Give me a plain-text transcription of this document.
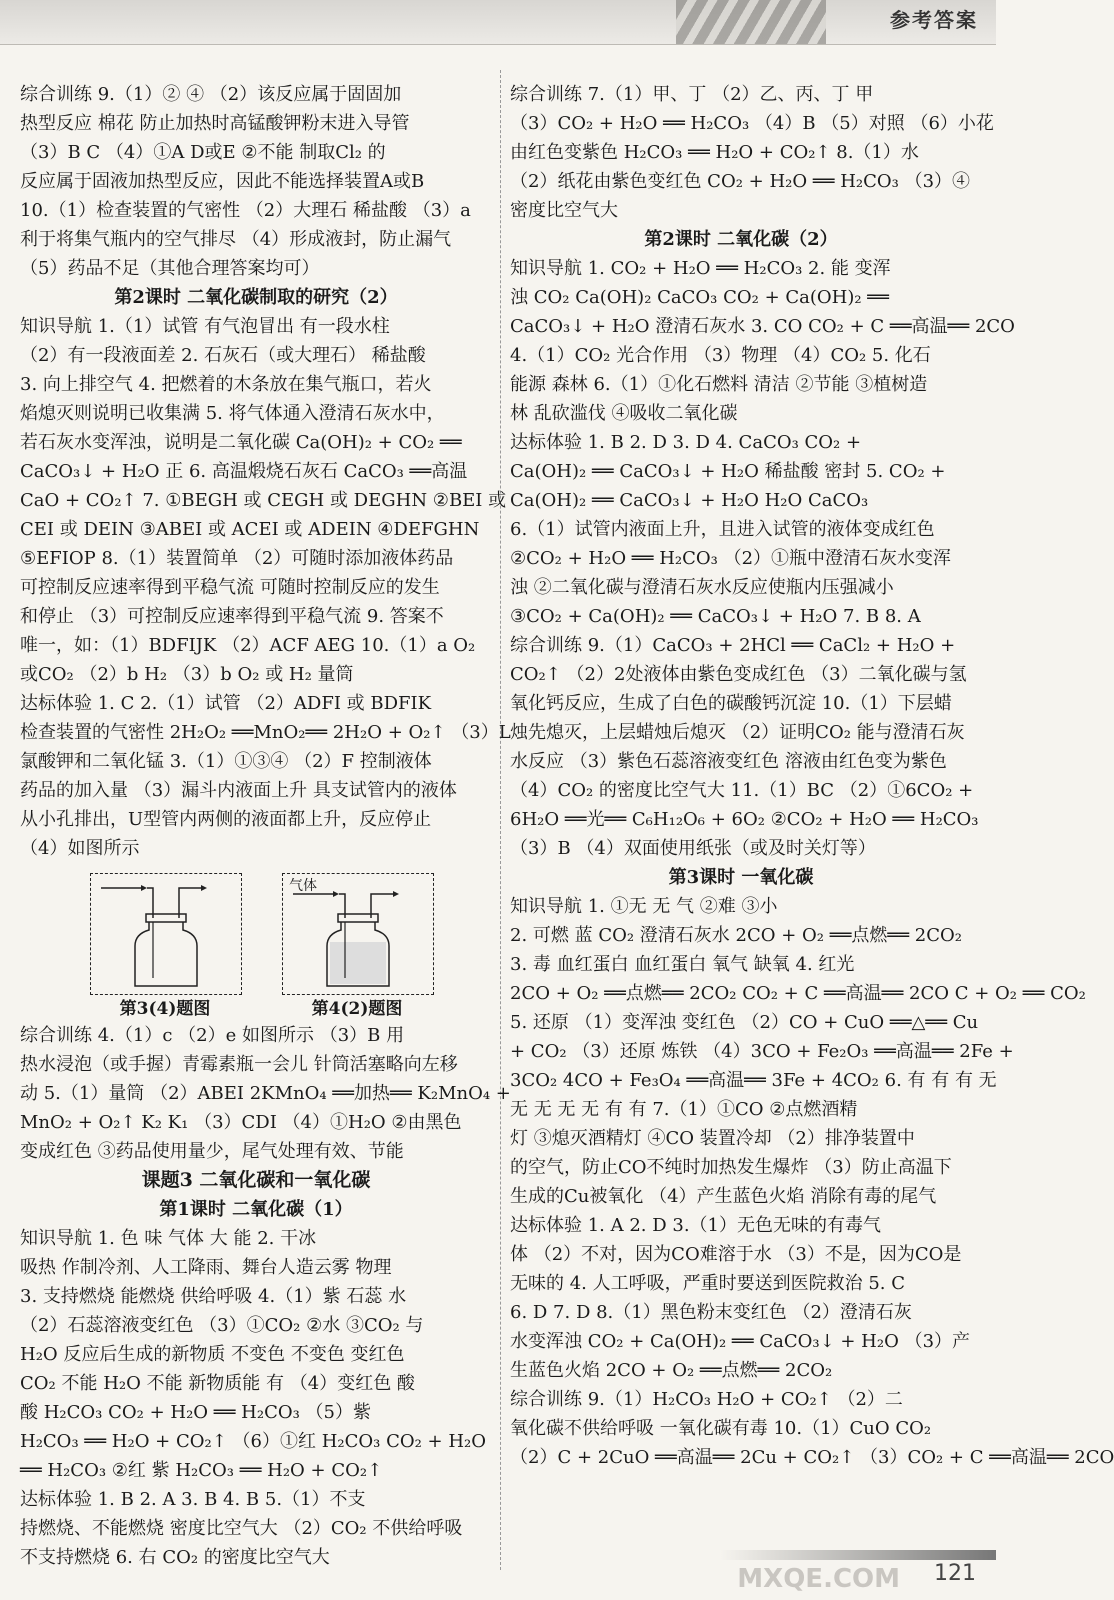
参考答案
综合训练 9.（1）② ④ （2）该反应属于固固加
热型反应 棉花 防止加热时高锰酸钾粉末进入导管
（3）B C （4）①A D或E ②不能 制取Cl₂ 的
反应属于固液加热型反应，因此不能选择装置A或B
10.（1）检查装置的气密性 （2）大理石 稀盐酸 （3）a
利于将集气瓶内的空气排尽 （4）形成液封，防止漏气
（5）药品不足（其他合理答案均可）
第2课时 二氧化碳制取的研究（2）
知识导航 1.（1）试管 有气泡冒出 有一段水柱
（2）有一段液面差 2. 石灰石（或大理石） 稀盐酸
3. 向上排空气 4. 把燃着的木条放在集气瓶口，若火
焰熄灭则说明已收集满 5. 将气体通入澄清石灰水中，
若石灰水变浑浊，说明是二氧化碳 Ca(OH)₂ + CO₂ ══
CaCO₃↓ + H₂O 正 6. 高温煅烧石灰石 CaCO₃ ══高温
CaO + CO₂↑ 7. ①BEGH 或 CEGH 或 DEGHN ②BEI 或
CEI 或 DEIN ③ABEI 或 ACEI 或 ADEIN ④DEFGHN
⑤EFIOP 8.（1）装置简单 （2）可随时添加液体药品
可控制反应速率得到平稳气流 可随时控制反应的发生
和停止 （3）可控制反应速率得到平稳气流 9. 答案不
唯一，如：（1）BDFIJK （2）ACF AEG 10.（1）a O₂
或CO₂ （2）b H₂ （3）b O₂ 或 H₂ 量筒
达标体验 1. C 2.（1）试管 （2）ADFI 或 BDFIK
检查装置的气密性 2H₂O₂ ══MnO₂══ 2H₂O + O₂↑ （3）L
氯酸钾和二氧化锰 3.（1）①③④ （2）F 控制液体
药品的加入量 （3）漏斗内液面上升 具支试管内的液体
从小孔排出，U型管内两侧的液面都上升，反应停止
（4）如图所示
第3(4)题图
气体
第4(2)题图
综合训练 4.（1）c （2）e 如图所示 （3）B 用
热水浸泡（或手握）青霉素瓶一会儿 针筒活塞略向左移
动 5.（1）量筒 （2）ABEI 2KMnO₄ ══加热══ K₂MnO₄ +
MnO₂ + O₂↑ K₂ K₁ （3）CDI （4）①H₂O ②由黑色
变成红色 ③药品使用量少，尾气处理有效、节能
课题3 二氧化碳和一氧化碳
第1课时 二氧化碳（1）
知识导航 1. 色 味 气体 大 能 2. 干冰
吸热 作制冷剂、人工降雨、舞台人造云雾 物理
3. 支持燃烧 能燃烧 供给呼吸 4.（1）紫 石蕊 水
（2）石蕊溶液变红色 （3）①CO₂ ②水 ③CO₂ 与
H₂O 反应后生成的新物质 不变色 不变色 变红色
CO₂ 不能 H₂O 不能 新物质能 有 （4）变红色 酸
酸 H₂CO₃ CO₂ + H₂O ══ H₂CO₃ （5）紫
H₂CO₃ ══ H₂O + CO₂↑ （6）①红 H₂CO₃ CO₂ + H₂O
══ H₂CO₃ ②红 紫 H₂CO₃ ══ H₂O + CO₂↑
达标体验 1. B 2. A 3. B 4. B 5.（1）不支
持燃烧、不能燃烧 密度比空气大 （2）CO₂ 不供给呼吸
不支持燃烧 6. 右 CO₂ 的密度比空气大
综合训练 7.（1）甲、丁 （2）乙、丙、丁 甲
（3）CO₂ + H₂O ══ H₂CO₃ （4）B （5）对照 （6）小花
由红色变紫色 H₂CO₃ ══ H₂O + CO₂↑ 8.（1）水
（2）纸花由紫色变红色 CO₂ + H₂O ══ H₂CO₃ （3）④
密度比空气大
第2课时 二氧化碳（2）
知识导航 1. CO₂ + H₂O ══ H₂CO₃ 2. 能 变浑
浊 CO₂ Ca(OH)₂ CaCO₃ CO₂ + Ca(OH)₂ ══
CaCO₃↓ + H₂O 澄清石灰水 3. CO CO₂ + C ══高温══ 2CO
4.（1）CO₂ 光合作用 （3）物理 （4）CO₂ 5. 化石
能源 森林 6.（1）①化石燃料 清洁 ②节能 ③植树造
林 乱砍滥伐 ④吸收二氧化碳
达标体验 1. B 2. D 3. D 4. CaCO₃ CO₂ +
Ca(OH)₂ ══ CaCO₃↓ + H₂O 稀盐酸 密封 5. CO₂ +
Ca(OH)₂ ══ CaCO₃↓ + H₂O H₂O CaCO₃
6.（1）试管内液面上升，且进入试管的液体变成红色
②CO₂ + H₂O ══ H₂CO₃ （2）①瓶中澄清石灰水变浑
浊 ②二氧化碳与澄清石灰水反应使瓶内压强减小
③CO₂ + Ca(OH)₂ ══ CaCO₃↓ + H₂O 7. B 8. A
综合训练 9.（1）CaCO₃ + 2HCl ══ CaCl₂ + H₂O +
CO₂↑ （2）2处液体由紫色变成红色 （3）二氧化碳与氢
氧化钙反应，生成了白色的碳酸钙沉淀 10.（1）下层蜡
烛先熄灭，上层蜡烛后熄灭 （2）证明CO₂ 能与澄清石灰
水反应 （3）紫色石蕊溶液变红色 溶液由红色变为紫色
（4）CO₂ 的密度比空气大 11.（1）BC （2）①6CO₂ +
6H₂O ══光══ C₆H₁₂O₆ + 6O₂ ②CO₂ + H₂O ══ H₂CO₃
（3）B （4）双面使用纸张（或及时关灯等）
第3课时 一氧化碳
知识导航 1. ①无 无 气 ②难 ③小
2. 可燃 蓝 CO₂ 澄清石灰水 2CO + O₂ ══点燃══ 2CO₂
3. 毒 血红蛋白 血红蛋白 氧气 缺氧 4. 红光
2CO + O₂ ══点燃══ 2CO₂ CO₂ + C ══高温══ 2CO C + O₂ ══ CO₂
5. 还原 （1）变浑浊 变红色 （2）CO + CuO ══△══ Cu
+ CO₂ （3）还原 炼铁 （4）3CO + Fe₂O₃ ══高温══ 2Fe +
3CO₂ 4CO + Fe₃O₄ ══高温══ 3Fe + 4CO₂ 6. 有 有 有 无
无 无 无 无 有 有 7.（1）①CO ②点燃酒精
灯 ③熄灭酒精灯 ④CO 装置冷却 （2）排净装置中
的空气，防止CO不纯时加热发生爆炸 （3）防止高温下
生成的Cu被氧化 （4）产生蓝色火焰 消除有毒的尾气
达标体验 1. A 2. D 3.（1）无色无味的有毒气
体 （2）不对，因为CO难溶于水 （3）不是，因为CO是
无味的 4. 人工呼吸，严重时要送到医院救治 5. C
6. D 7. D 8.（1）黑色粉末变红色 （2）澄清石灰
水变浑浊 CO₂ + Ca(OH)₂ ══ CaCO₃↓ + H₂O （3）产
生蓝色火焰 2CO + O₂ ══点燃══ 2CO₂
综合训练 9.（1）H₂CO₃ H₂O + CO₂↑ （2）二
氧化碳不供给呼吸 一氧化碳有毒 10.（1）CuO CO₂
（2）C + 2CuO ══高温══ 2Cu + CO₂↑ （3）CO₂ + C ══高温══ 2CO
MXQE.COM 121
